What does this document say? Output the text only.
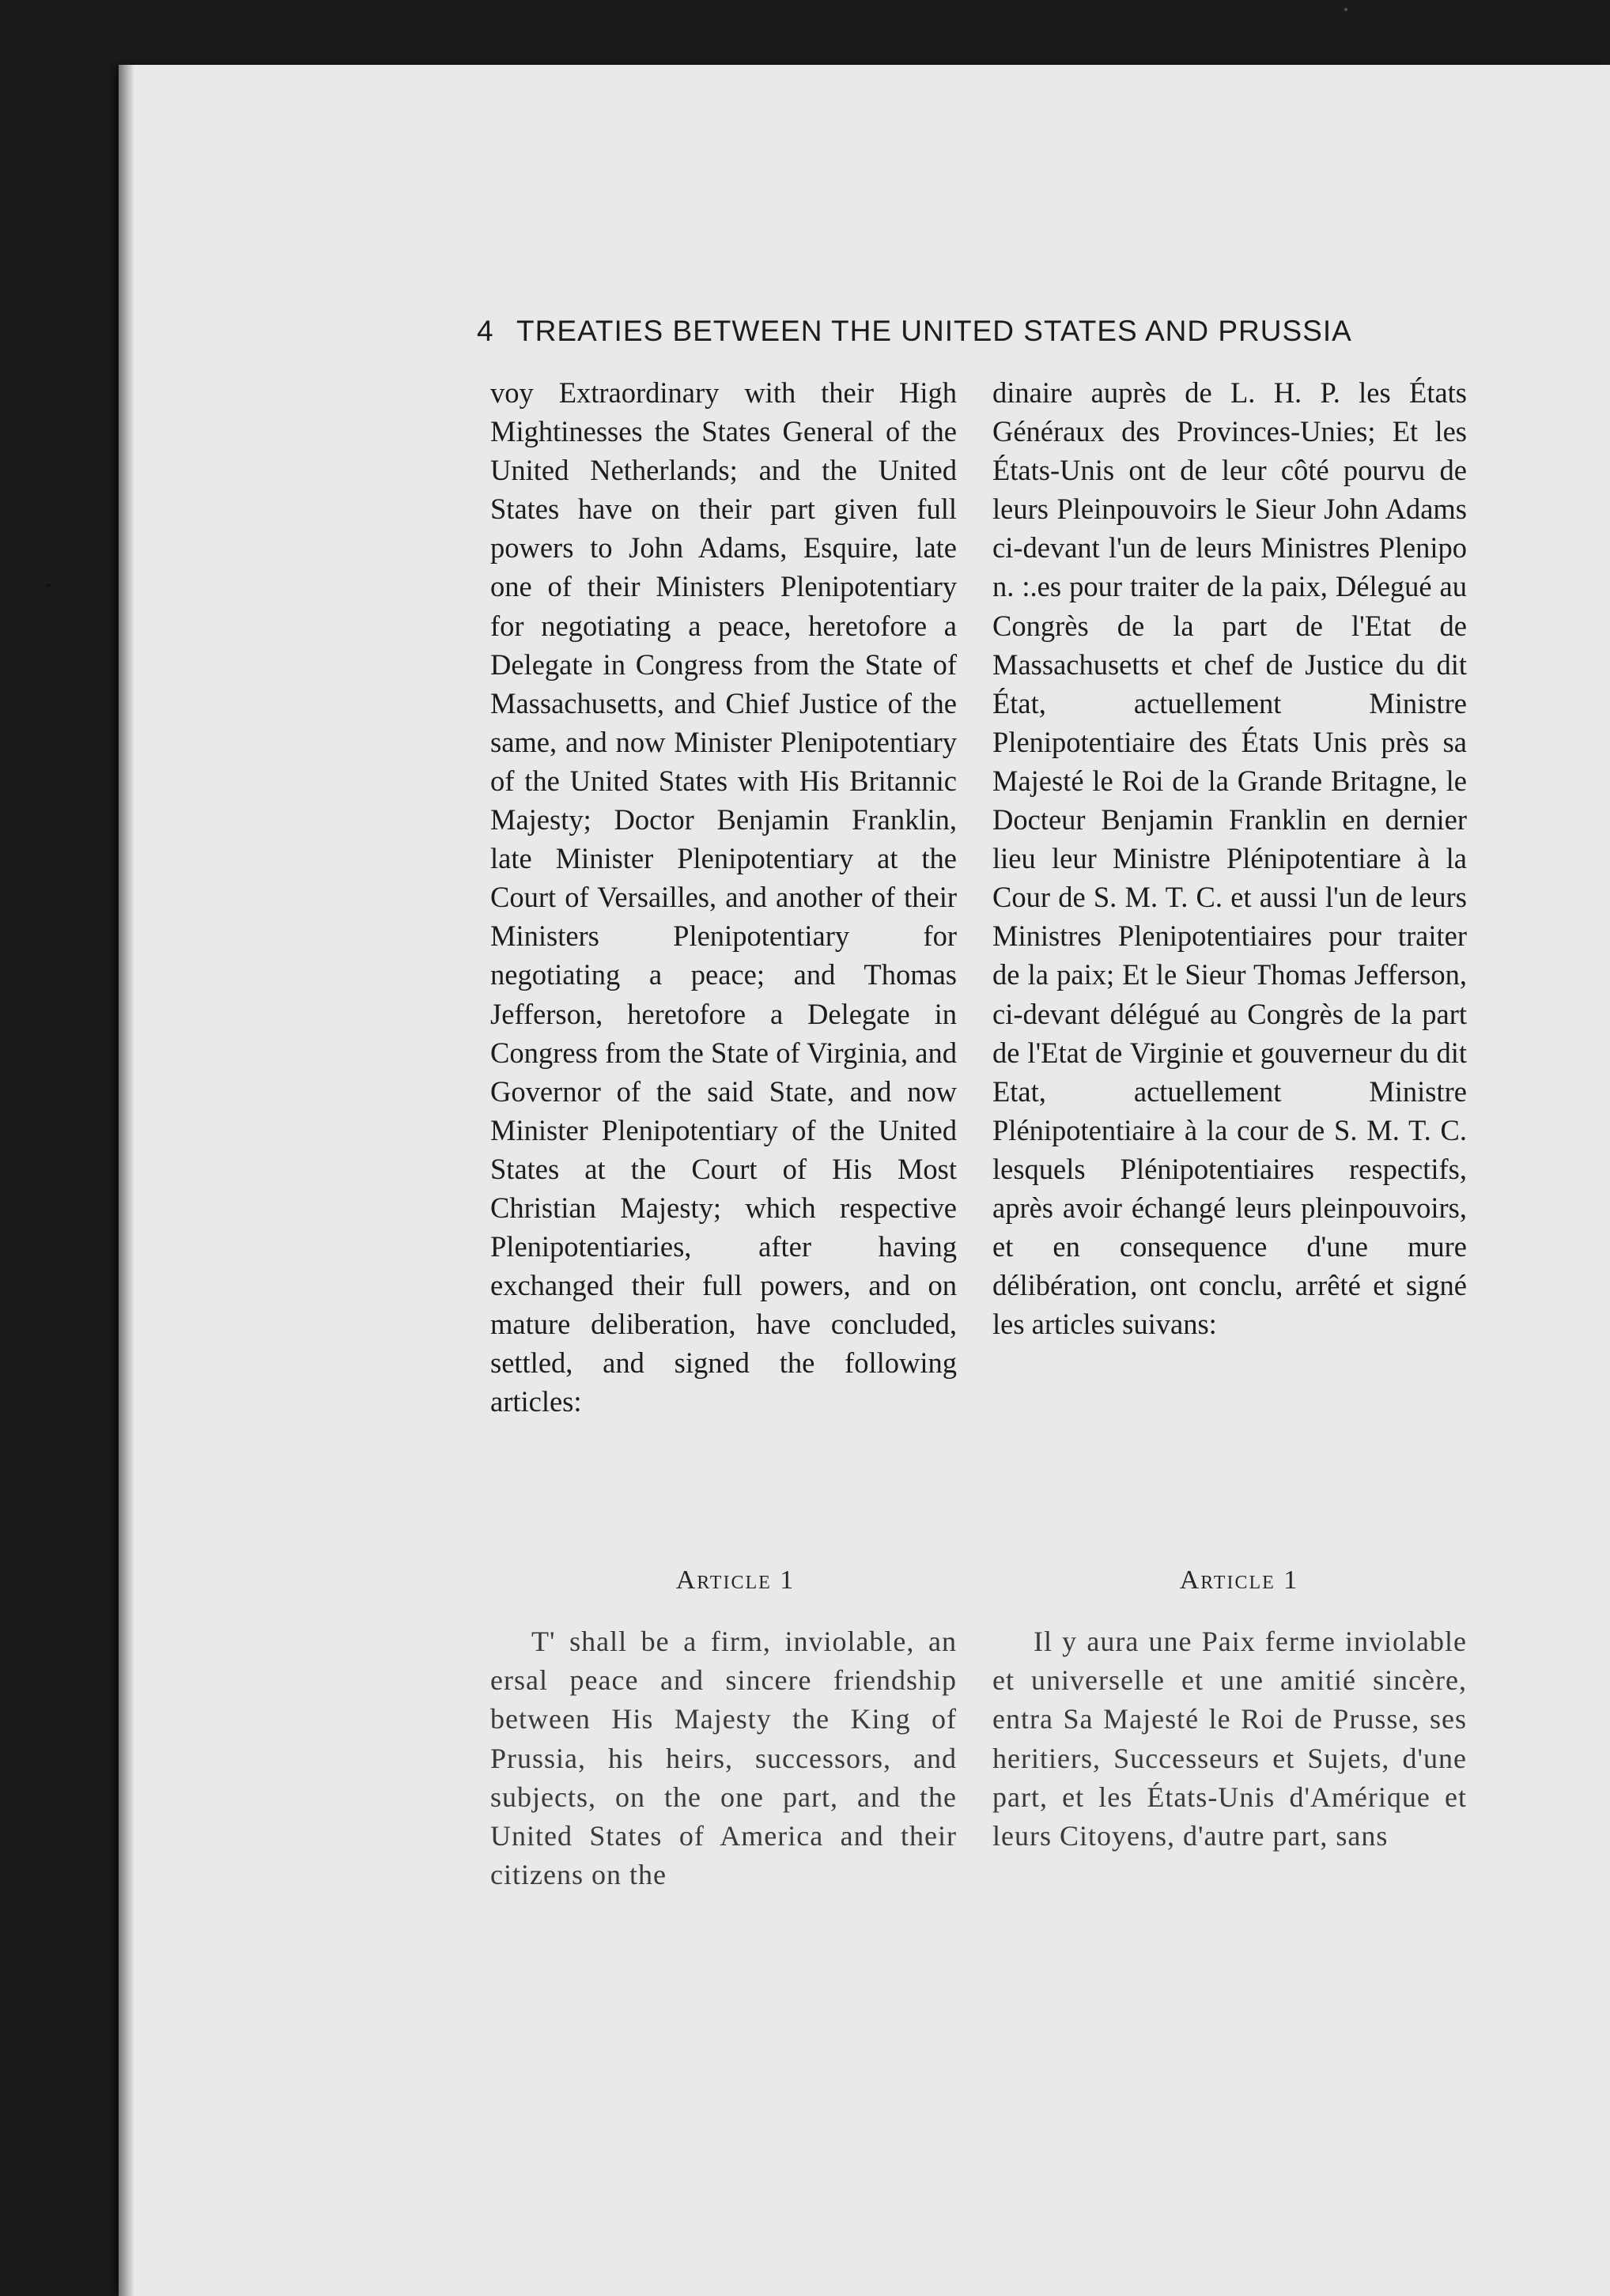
4 TREATIES BETWEEN THE UNITED STATES AND PRUSSIA

voy Extraordinary with their High Mightinesses the States General of the United Netherlands; and the United States have on their part given full powers to John Adams, Esquire, late one of their Ministers Plenipotentiary for negotiating a peace, heretofore a Delegate in Congress from the State of Massachusetts, and Chief Justice of the same, and now Minister Plenipotentiary of the United States with His Britannic Majesty; Doctor Benjamin Franklin, late Minister Plenipotentiary at the Court of Versailles, and another of their Ministers Plenipotentiary for negotiating a peace; and Thomas Jefferson, heretofore a Delegate in Congress from the State of Virginia, and Governor of the said State, and now Minister Plenipotentiary of the United States at the Court of His Most Christian Majesty; which respective Plenipotentiaries, after having exchanged their full powers, and on mature deliberation, have concluded, settled, and signed the following articles:

dinaire auprès de L. H. P. les États Généraux des Provinces-Unies; Et les États-Unis ont de leur côté pourvu de leurs Pleinpouvoirs le Sieur John Adams ci-devant l'un de leurs Ministres Plenipo n. :.es pour traiter de la paix, Délegué au Congrès de la part de l'Etat de Massachusetts et chef de Justice du dit État, actuellement Ministre Plenipotentiaire des États Unis près sa Majesté le Roi de la Grande Britagne, le Docteur Benjamin Franklin en dernier lieu leur Ministre Plénipotentiare à la Cour de S. M. T. C. et aussi l'un de leurs Ministres Plenipotentiaires pour traiter de la paix; Et le Sieur Thomas Jefferson, ci-devant délégué au Congrès de la part de l'Etat de Virginie et gouverneur du dit Etat, actuellement Ministre Plénipotentiaire à la cour de S. M. T. C. lesquels Plénipotentiaires respectifs, après avoir échangé leurs pleinpouvoirs, et en consequence d'une mure délibération, ont conclu, arrêté et signé les articles suivans:

Article 1	Article 1

T' shall be a firm, inviolable, an ersal peace and sincere friendship between His Majesty the King of Prussia, his heirs, successors, and subjects, on the one part, and the United States of America and their citizens on the

Il y aura une Paix ferme inviolable et universelle et une amitié sincère, entra Sa Majesté le Roi de Prusse, ses heritiers, Successeurs et Sujets, d'une part, et les États-Unis d'Amérique et leurs Citoyens, d'autre part, sans
